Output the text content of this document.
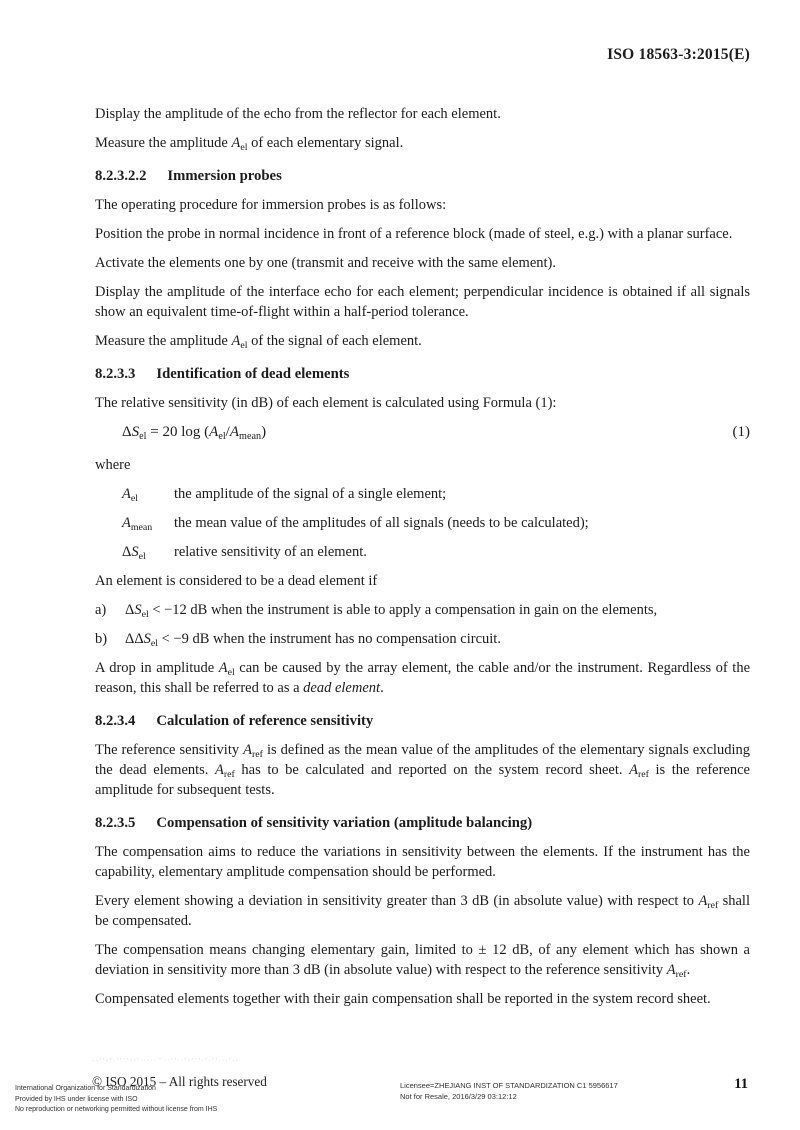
ISO 18563-3:2015(E)

Display the amplitude of the echo from the reflector for each element.

Measure the amplitude $A_{el}$ of each elementary signal.

8.2.3.2.2 Immersion probes

The operating procedure for immersion probes is as follows:

Position the probe in normal incidence in front of a reference block (made of steel, e.g.) with a planar surface.

Activate the elements one by one (transmit and receive with the same element).

Display the amplitude of the interface echo for each element; perpendicular incidence is obtained if all signals show an equivalent time-of-flight within a half-period tolerance.

Measure the amplitude $A_{el}$ of the signal of each element.

8.2.3.3 Identification of dead elements

The relative sensitivity (in dB) of each element is calculated using Formula (1):

$\Delta S_{el} = 20$ $\log (A_{el}/A_{mean})$	(1)

where

$A_{el}$	the amplitude of the signal of a single element;
$A_{mean}$	the mean value of the amplitudes of all signals (needs to be calculated);
$\Delta S_{el}$	relative sensitivity of an element.

An element is considered to be a dead element if

a)	$\Delta S_{el} < -12$ dB when the instrument is able to apply a compensation in gain on the elements,
b)	$\Delta\Delta S_{el} < -9$ dB when the instrument has no compensation circuit.

A drop in amplitude $A_{el}$ can be caused by the array element, the cable and/or the instrument. Regardless of the reason, this shall be referred to as a dead element.

8.2.3.4 Calculation of reference sensitivity

The reference sensitivity $A_{ref}$ is defined as the mean value of the amplitudes of the elementary signals excluding the dead elements. $A_{ref}$ has to be calculated and reported on the system record sheet. $A_{ref}$ is the reference amplitude for subsequent tests.

8.2.3.5 Compensation of sensitivity variation (amplitude balancing)

The compensation aims to reduce the variations in sensitivity between the elements. If the instrument has the capability, elementary amplitude compensation should be performed.

Every element showing a deviation in sensitivity greater than 3 dB (in absolute value) with respect to $A_{ref}$ shall be compensated.

The compensation means changing elementary gain, limited to ± 12 dB, of any element which has shown a deviation in sensitivity more than 3 dB (in absolute value) with respect to the reference sensitivity $A_{ref}$.

Compensated elements together with their gain compensation shall be reported in the system record sheet.

--''-'·''''-·'·····''··''··'·'''·'·''···'--
© ISO 2015 – All rights reserved
International Organization for Standardization
Provided by IHS under license with ISO
No reproduction or networking permitted without license from IHS
Licensee=ZHEJIANG INST OF STANDARDIZATION C1 5956617
Not for Resale, 2016/3/29 03:12:12
11
